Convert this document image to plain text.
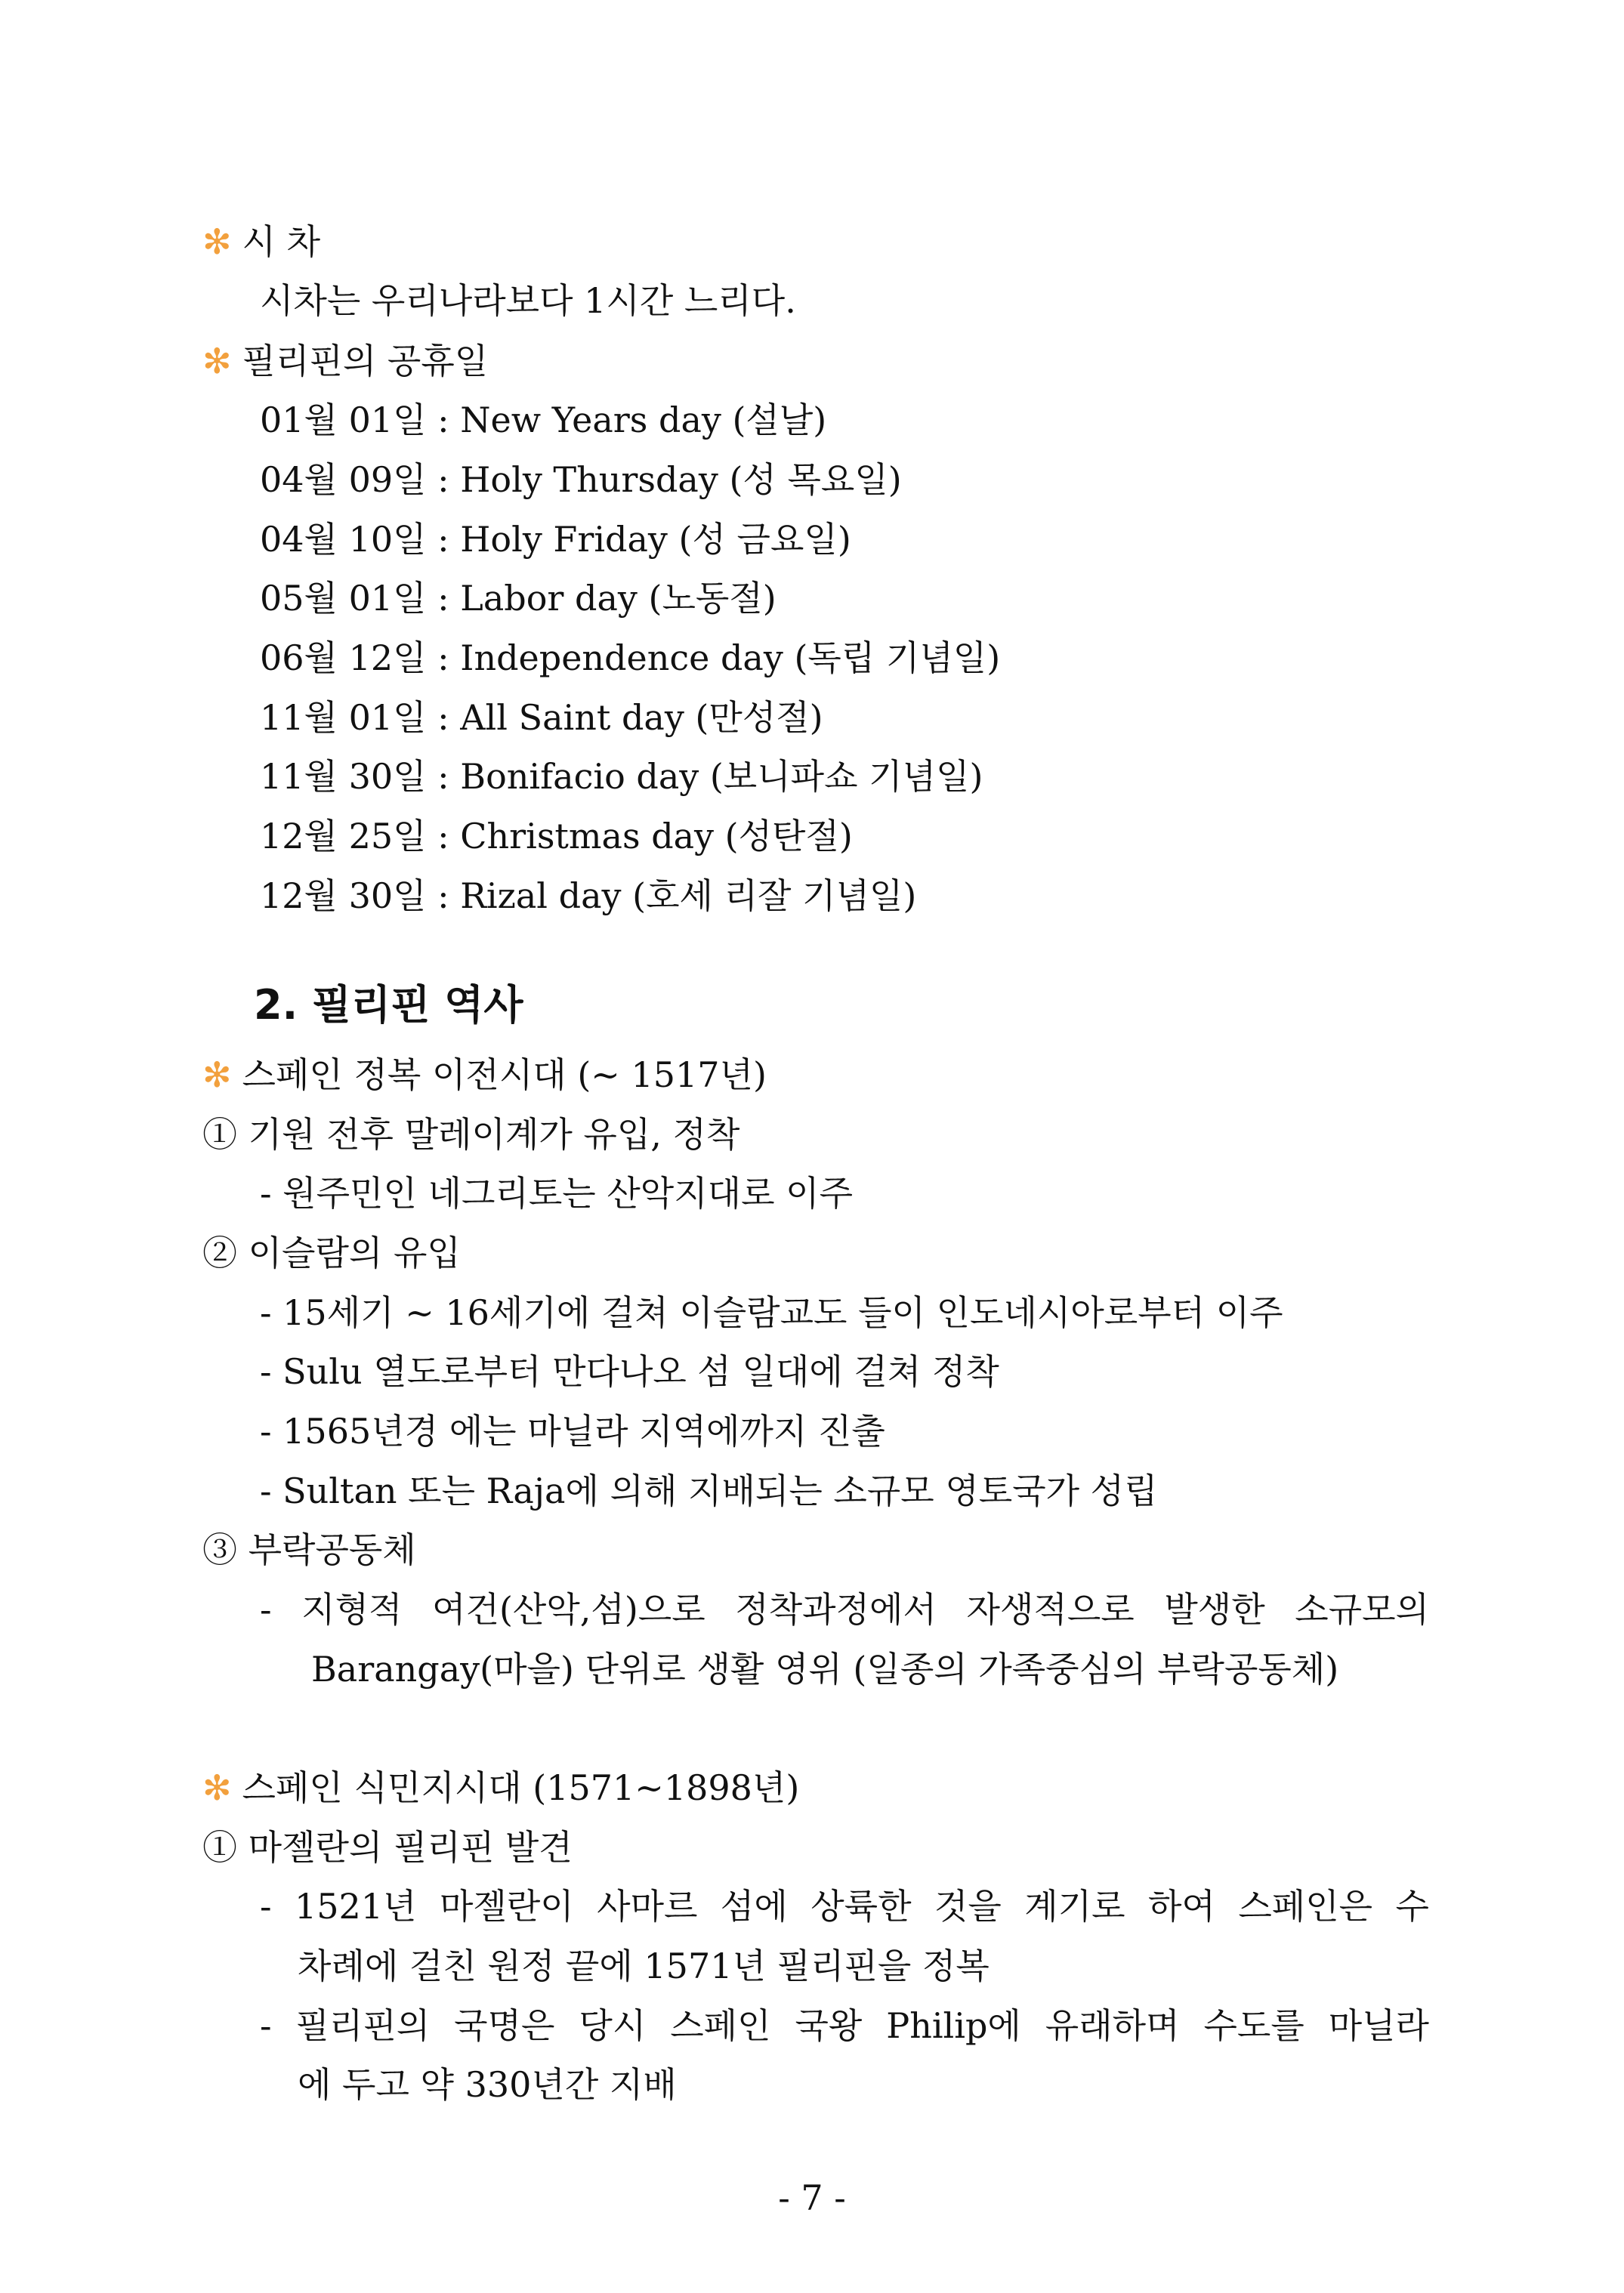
✻ 시 차
시차는 우리나라보다 1시간 느리다.
✻ 필리핀의 공휴일
01월 01일 : New Years day (설날)
04월 09일 : Holy Thursday (성 목요일)
04월 10일 : Holy Friday (성 금요일)
05월 01일 : Labor day (노동절)
06월 12일 : Independence day (독립 기념일)
11월 01일 : All Saint day (만성절)
11월 30일 : Bonifacio day (보니파쇼 기념일)
12월 25일 : Christmas day (성탄절)
12월 30일 : Rizal day (호세 리잘 기념일)
2. 필리핀 역사
✻ 스페인 정복 이전시대 (~ 1517년)
① 기원 전후 말레이계가 유입, 정착
- 원주민인 네그리토는 산악지대로 이주
② 이슬람의 유입
- 15세기 ~ 16세기에 걸쳐 이슬람교도 들이 인도네시아로부터 이주
- Sulu 열도로부터 만다나오 섬 일대에 걸쳐 정착
- 1565년경 에는 마닐라 지역에까지 진출
- Sultan 또는 Raja에 의해 지배되는 소규모 영토국가 성립
③ 부락공동체
- 지형적 여건(산악,섬)으로 정착과정에서 자생적으로 발생한 소규모의
Barangay(마을) 단위로 생활 영위 (일종의 가족중심의 부락공동체)
✻ 스페인 식민지시대 (1571~1898년)
① 마젤란의 필리핀 발견
- 1521년 마젤란이 사마르 섬에 상륙한 것을 계기로 하여 스페인은 수
차례에 걸친 원정 끝에 1571년 필리핀을 정복
- 필리핀의 국명은 당시 스페인 국왕 Philip에 유래하며 수도를 마닐라
에 두고 약 330년간 지배
- 7 -
